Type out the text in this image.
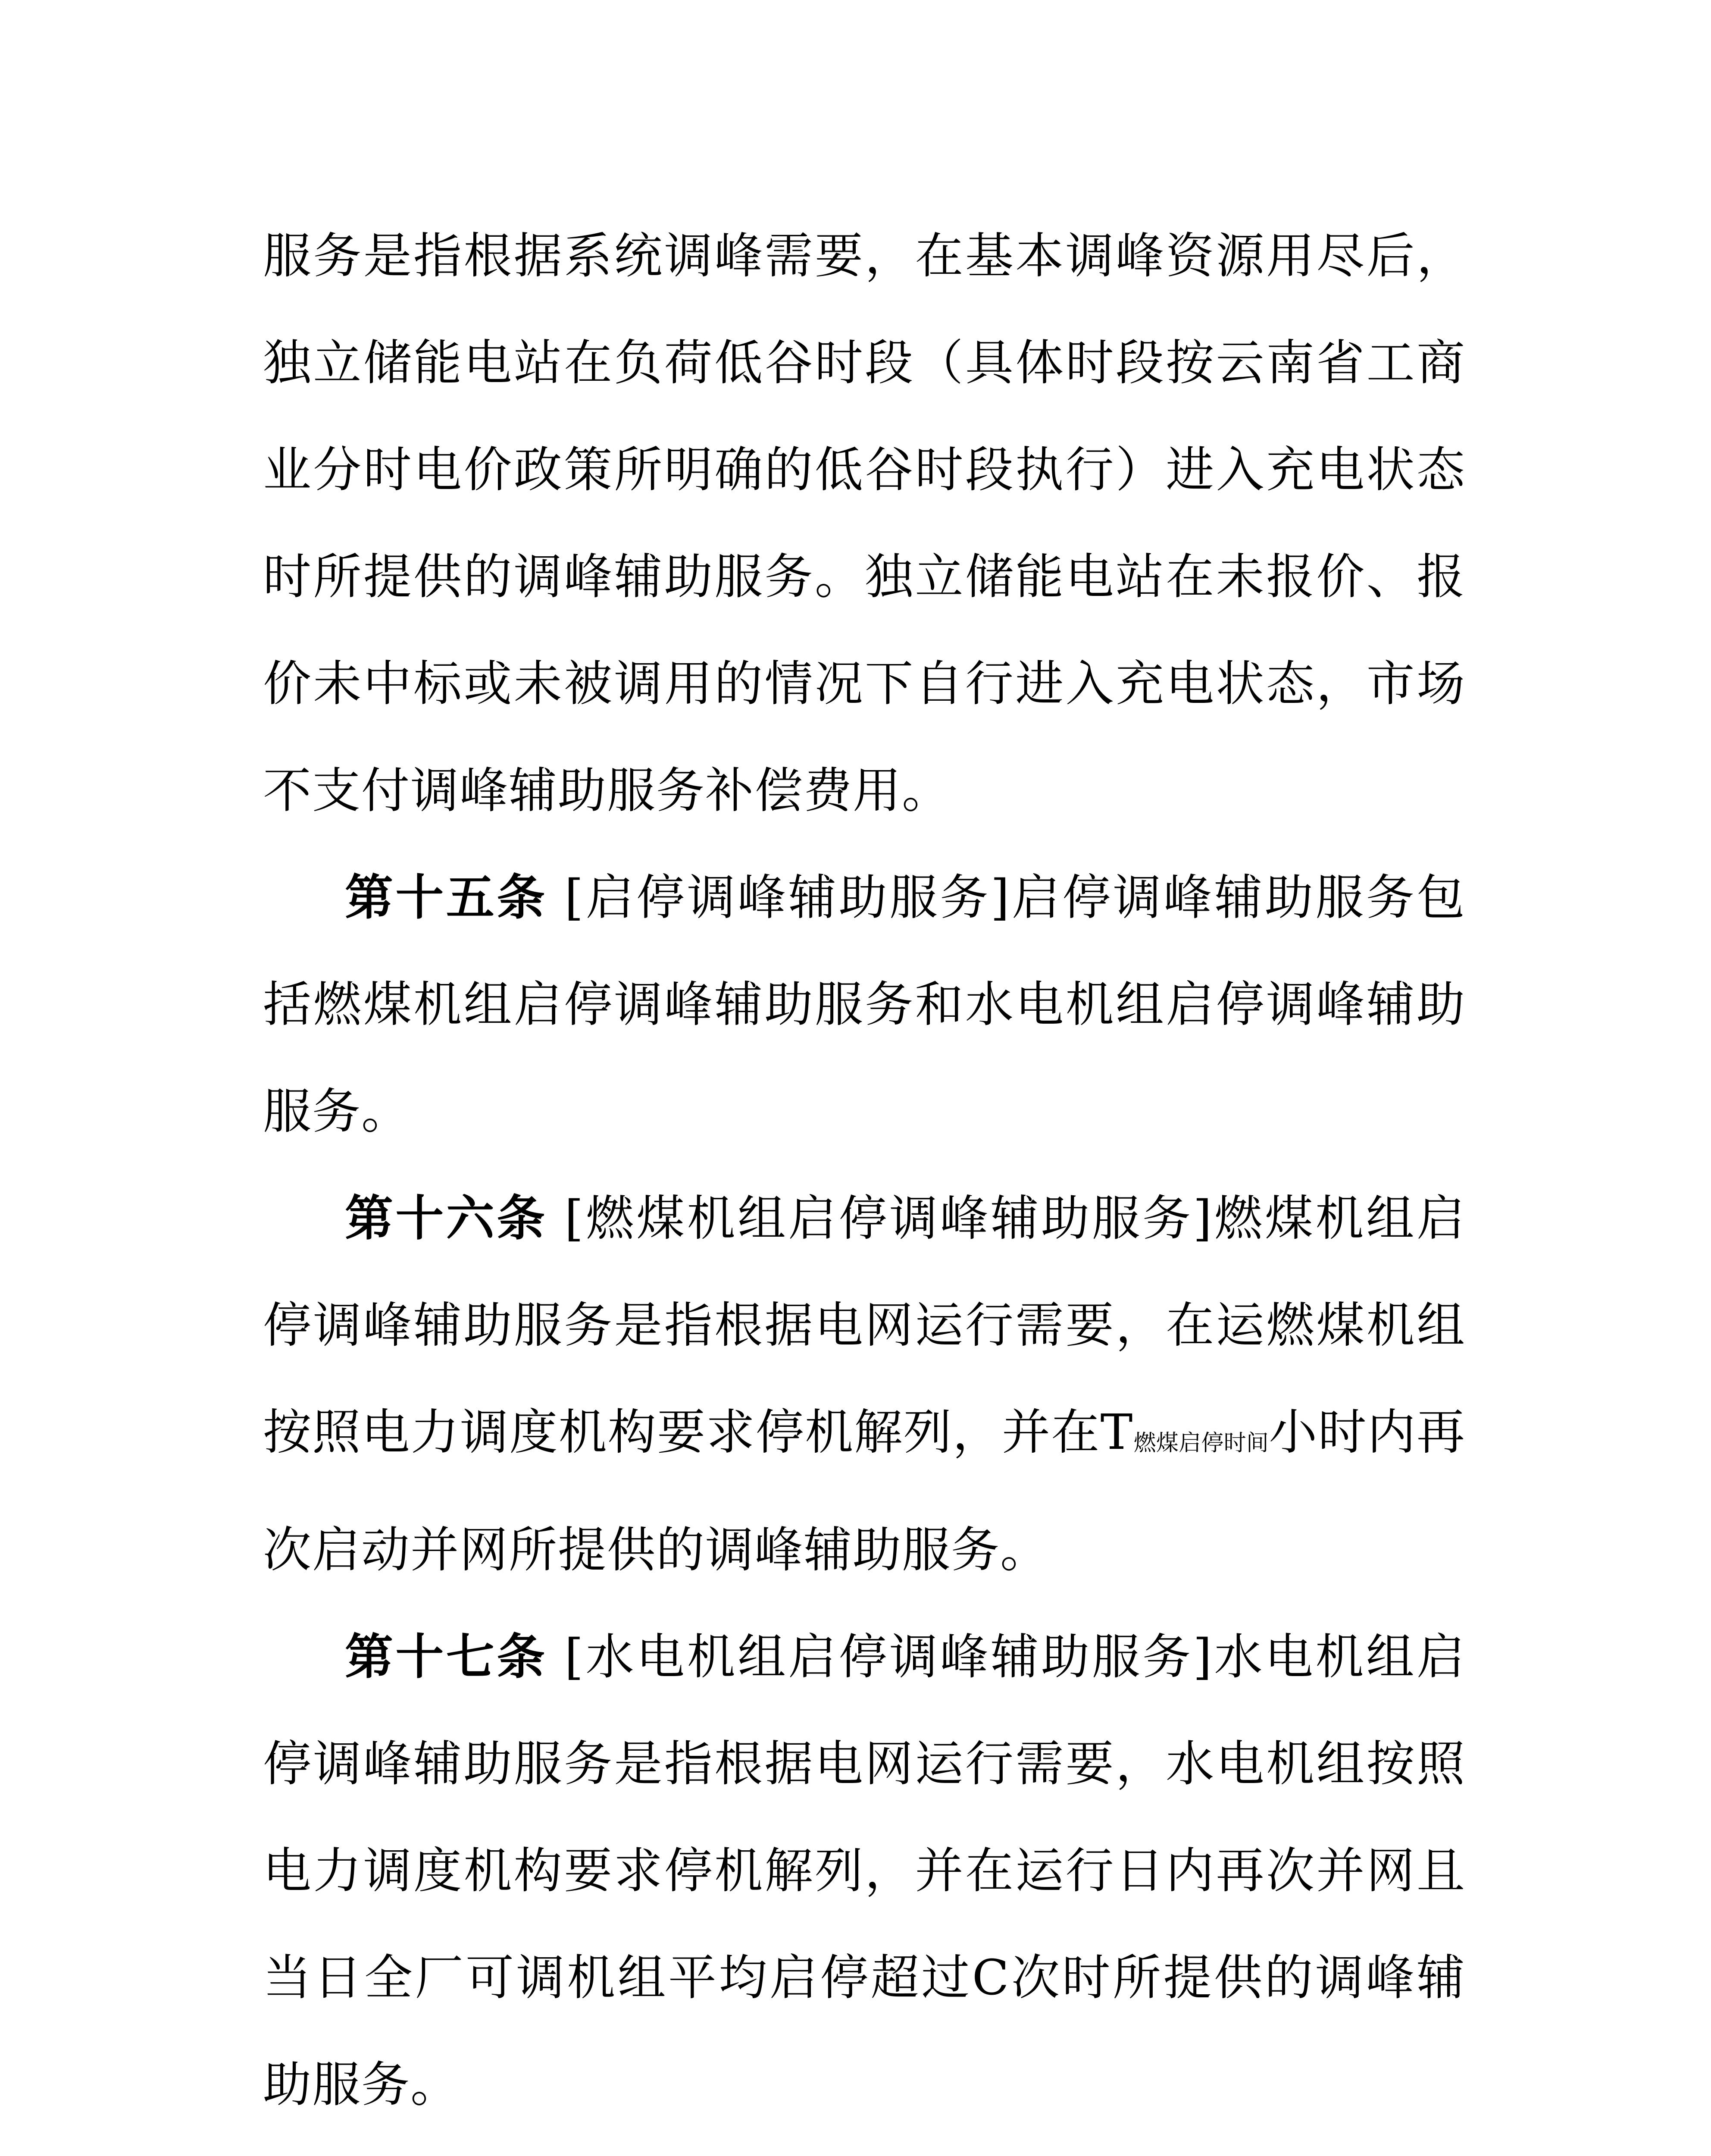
服务是指根据系统调峰需要，在基本调峰资源用尽后，独立储能电站在负荷低谷时段（具体时段按云南省工商业分时电价政策所明确的低谷时段执行）进入充电状态时所提供的调峰辅助服务。独立储能电站在未报价、报价未中标或未被调用的情况下自行进入充电状态，市场不支付调峰辅助服务补偿费用。

第十五条 [启停调峰辅助服务]启停调峰辅助服务包括燃煤机组启停调峰辅助服务和水电机组启停调峰辅助服务。

第十六条 [燃煤机组启停调峰辅助服务]燃煤机组启停调峰辅助服务是指根据电网运行需要，在运燃煤机组按照电力调度机构要求停机解列，并在T燃煤启停时间小时内再次启动并网所提供的调峰辅助服务。

第十七条 [水电机组启停调峰辅助服务]水电机组启停调峰辅助服务是指根据电网运行需要，水电机组按照电力调度机构要求停机解列，并在运行日内再次并网且当日全厂可调机组平均启停超过C次时所提供的调峰辅助服务。
